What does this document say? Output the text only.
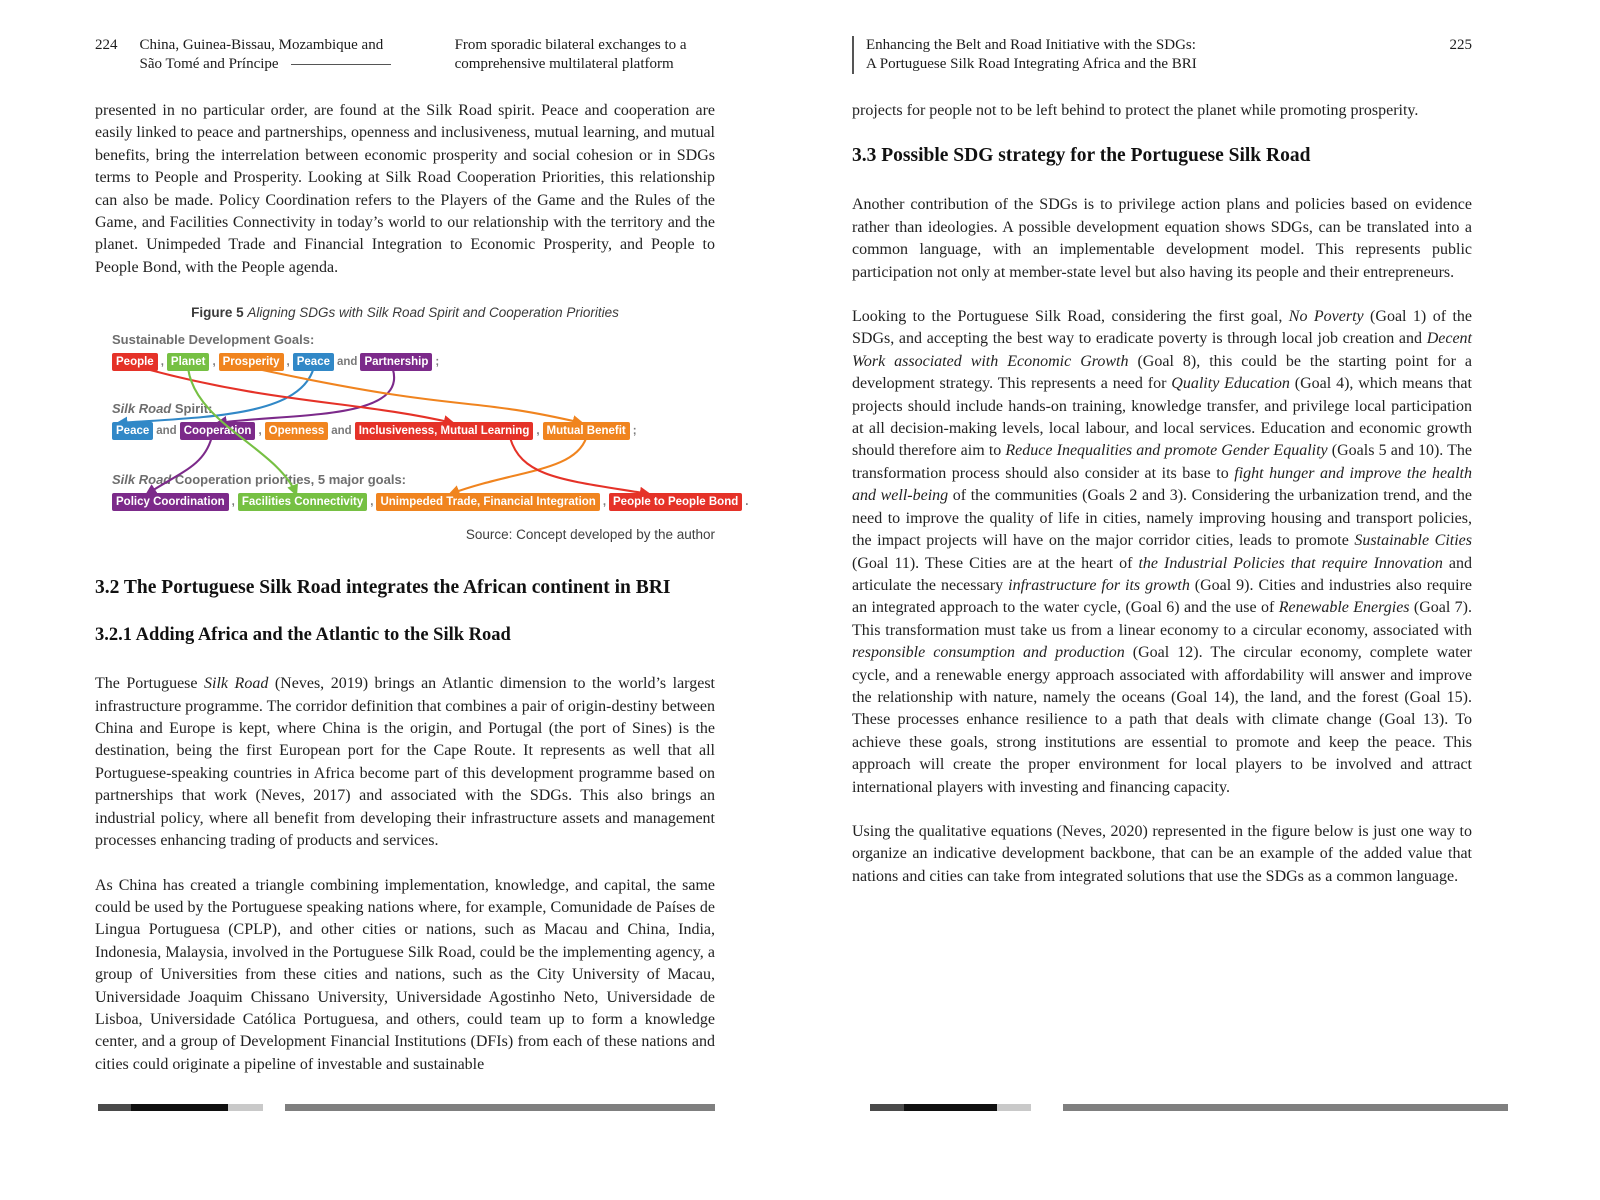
224 China, Guinea-Bissau, Mozambique and
São Tomé and Príncipe
From sporadic bilateral exchanges to a
comprehensive multilateral platform

presented in no particular order, are found at the Silk Road spirit. Peace and cooperation are easily linked to peace and partnerships, openness and inclusiveness, mutual learning, and mutual benefits, bring the interrelation between economic prosperity and social cohesion or in SDGs terms to People and Prosperity. Looking at Silk Road Cooperation Priorities, this relationship can also be made. Policy Coordination refers to the Players of the Game and the Rules of the Game, and Facilities Connectivity in today’s world to our relationship with the territory and the planet. Unimpeded Trade and Financial Integration to Economic Prosperity, and People to People Bond, with the People agenda.

Figure 5 Aligning SDGs with Silk Road Spirit and Cooperation Priorities
Sustainable Development Goals:
People , Planet , Prosperity , Peace and Partnership ;
Silk Road Spirit:
Peace and Cooperation , Openness and Inclusiveness, Mutual Learning , Mutual Benefit ;
Silk Road Cooperation priorities, 5 major goals:
Policy Coordination , Facilities Connectivity , Unimpeded Trade, Financial Integration , People to People Bond .
Source: Concept developed by the author
3.2 The Portuguese Silk Road integrates the African continent in BRI
3.2.1 Adding Africa and the Atlantic to the Silk Road

The Portuguese Silk Road (Neves, 2019) brings an Atlantic dimension to the world’s largest infrastructure programme. The corridor definition that combines a pair of origin-destiny between China and Europe is kept, where China is the origin, and Portugal (the port of Sines) is the destination, being the first European port for the Cape Route. It represents as well that all Portuguese-speaking countries in Africa become part of this development programme based on partnerships that work (Neves, 2017) and associated with the SDGs. This also brings an industrial policy, where all benefit from developing their infrastructure assets and management processes enhancing trading of products and services.

As China has created a triangle combining implementation, knowledge, and capital, the same could be used by the Portuguese speaking nations where, for example, Comunidade de Países de Lingua Portuguesa (CPLP), and other cities or nations, such as Macau and China, India, Indonesia, Malaysia, involved in the Portuguese Silk Road, could be the implementing agency, a group of Universities from these cities and nations, such as the City University of Macau, Universidade Joaquim Chissano University, Universidade Agostinho Neto, Universidade de Lisboa, Universidade Católica Portuguesa, and others, could team up to form a knowledge center, and a group of Development Financial Institutions (DFIs) from each of these nations and cities could originate a pipeline of investable and sustainable

Enhancing the Belt and Road Initiative with the SDGs:
A Portuguese Silk Road Integrating Africa and the BRI
225

projects for people not to be left behind to protect the planet while promoting prosperity.

3.3 Possible SDG strategy for the Portuguese Silk Road

Another contribution of the SDGs is to privilege action plans and policies based on evidence rather than ideologies. A possible development equation shows SDGs, can be translated into a common language, with an implementable development model. This represents public participation not only at member-state level but also having its people and their entrepreneurs.

Looking to the Portuguese Silk Road, considering the first goal, No Poverty (Goal 1) of the SDGs, and accepting the best way to eradicate poverty is through local job creation and Decent Work associated with Economic Growth (Goal 8), this could be the starting point for a development strategy. This represents a need for Quality Education (Goal 4), which means that projects should include hands-on training, knowledge transfer, and privilege local participation at all decision-making levels, local labour, and local services. Education and economic growth should therefore aim to Reduce Inequalities and promote Gender Equality (Goals 5 and 10). The transformation process should also consider at its base to fight hunger and improve the health and well-being of the communities (Goals 2 and 3). Considering the urbanization trend, and the need to improve the quality of life in cities, namely improving housing and transport policies, the impact projects will have on the major corridor cities, leads to promote Sustainable Cities (Goal 11). These Cities are at the heart of the Industrial Policies that require Innovation and articulate the necessary infrastructure for its growth (Goal 9). Cities and industries also require an integrated approach to the water cycle, (Goal 6) and the use of Renewable Energies (Goal 7). This transformation must take us from a linear economy to a circular economy, associated with responsible consumption and production (Goal 12). The circular economy, complete water cycle, and a renewable energy approach associated with affordability will answer and improve the relationship with nature, namely the oceans (Goal 14), the land, and the forest (Goal 15). These processes enhance resilience to a path that deals with climate change (Goal 13). To achieve these goals, strong institutions are essential to promote and keep the peace. This approach will create the proper environment for local players to be involved and attract international players with investing and financing capacity.

Using the qualitative equations (Neves, 2020) represented in the figure below is just one way to organize an indicative development backbone, that can be an example of the added value that nations and cities can take from integrated solutions that use the SDGs as a common language.
